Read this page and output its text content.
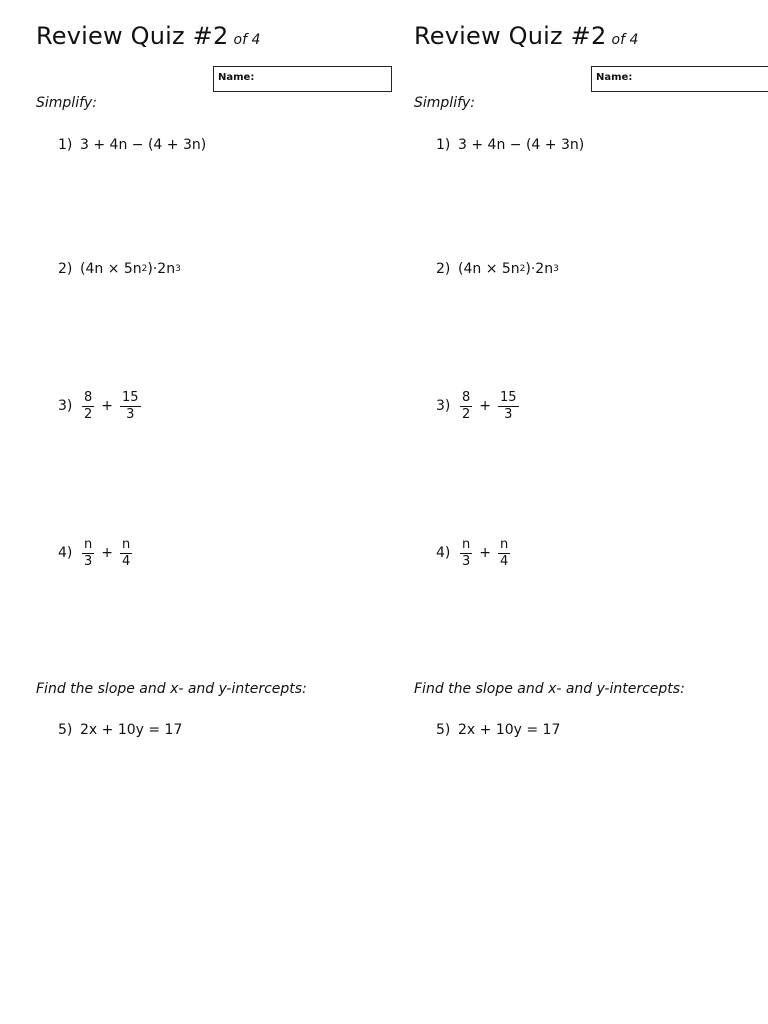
Review Quiz #2 of 4
Name:
Simplify:
1) 3 + 4n − (4 + 3n)
2) (4n × 5n 2 )·2n 3
$3) \frac{8}{2} + \frac{15}{3}$
$4) \frac{n}{3} + \frac{n}{4}$
Find the slope and x- and y-intercepts:
5) 2x + 10y = 17
Review Quiz #2 of 4
Name:
Simplify:
1) 3 + 4n − (4 + 3n)
2) (4n × 5n 2 )·2n 3
$3) \frac{8}{2} + \frac{15}{3}$
$4) \frac{n}{3} + \frac{n}{4}$
Find the slope and x- and y-intercepts:
5) 2x + 10y = 17
